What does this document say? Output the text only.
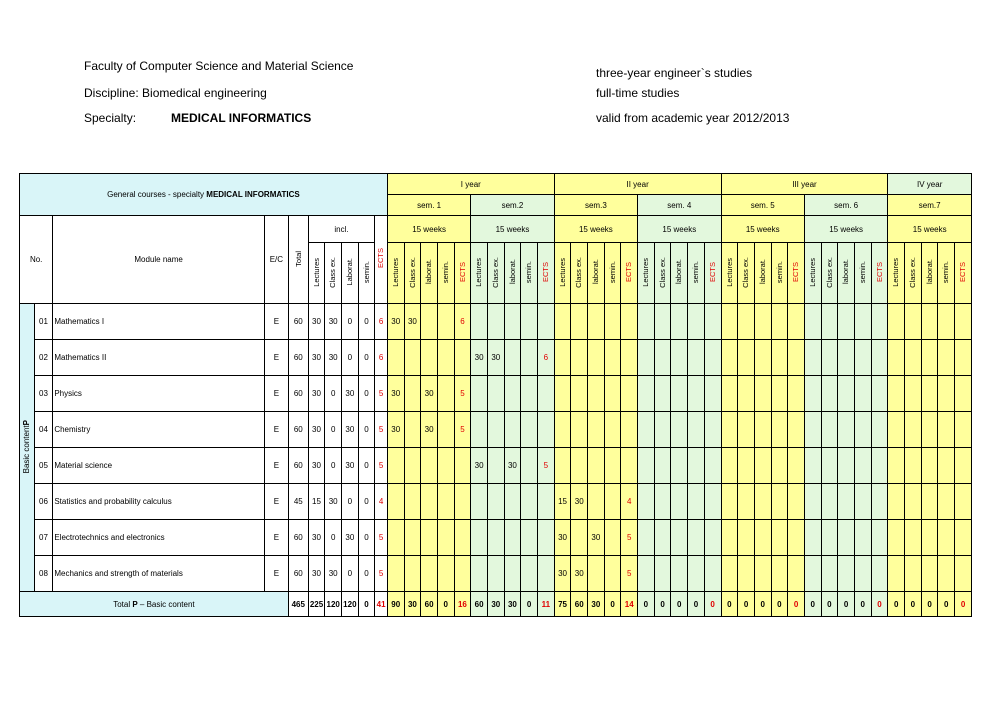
Faculty of Computer Science and Material Science
Discipline: Biomedical engineering
Specialty:	MEDICAL INFORMATICS
three-year engineer`s studies
full-time studies
valid from academic year 2012/2013
General courses - specialty MEDICAL INFORMATICS										I year										II year										III year										IV year				
										sem. 1					sem.2					sem.3					sem. 4					sem. 5					sem. 6					sem.7				
No.		Module name	E/C	Total	incl.				ECTS	15 weeks					15 weeks					15 weeks					15 weeks					15 weeks					15 weeks					15 weeks				
					Lectures	Class ex.	Laborat.	semin.		Lectures	Class ex.	laborat.	semin.	ECTS	Lectures	Class ex.	laborat.	semin.	ECTS	Lectures	Class ex.	laborat.	semin.	ECTS	Lectures	Class ex.	laborat.	semin.	ECTS	Lectures	Class ex.	laborat.	semin.	ECTS	Lectures	Class ex.	laborat.	semin.	ECTS	Lectures	Class ex.	laborat.	semin.	ECTS
Basic contentP	01	Mathematics I	E	60	30	30	0	0	6	30	30			6																														
	02	Mathematics II	E	60	30	30	0	0	6						30	30			6																									
	03	Physics	E	60	30	0	30	0	5	30		30		5																														
	04	Chemistry	E	60	30	0	30	0	5	30		30		5																														
	05	Material science	E	60	30	0	30	0	5						30		30		5																									
	06	Statistics and probability calculus	E	45	15	30	0	0	4											15	30			4																				
	07	Electrotechnics and electronics	E	60	30	0	30	0	5											30		30		5																				
	08	Mechanics and strength of materials	E	60	30	30	0	0	5											30	30			5																				
Total P – Basic content				465	225	120	120	0	41	90	30	60	0	16	60	30	30	0	11	75	60	30	0	14	0	0	0	0	0	0	0	0	0	0	0	0	0	0	0	0	0	0	0	0
